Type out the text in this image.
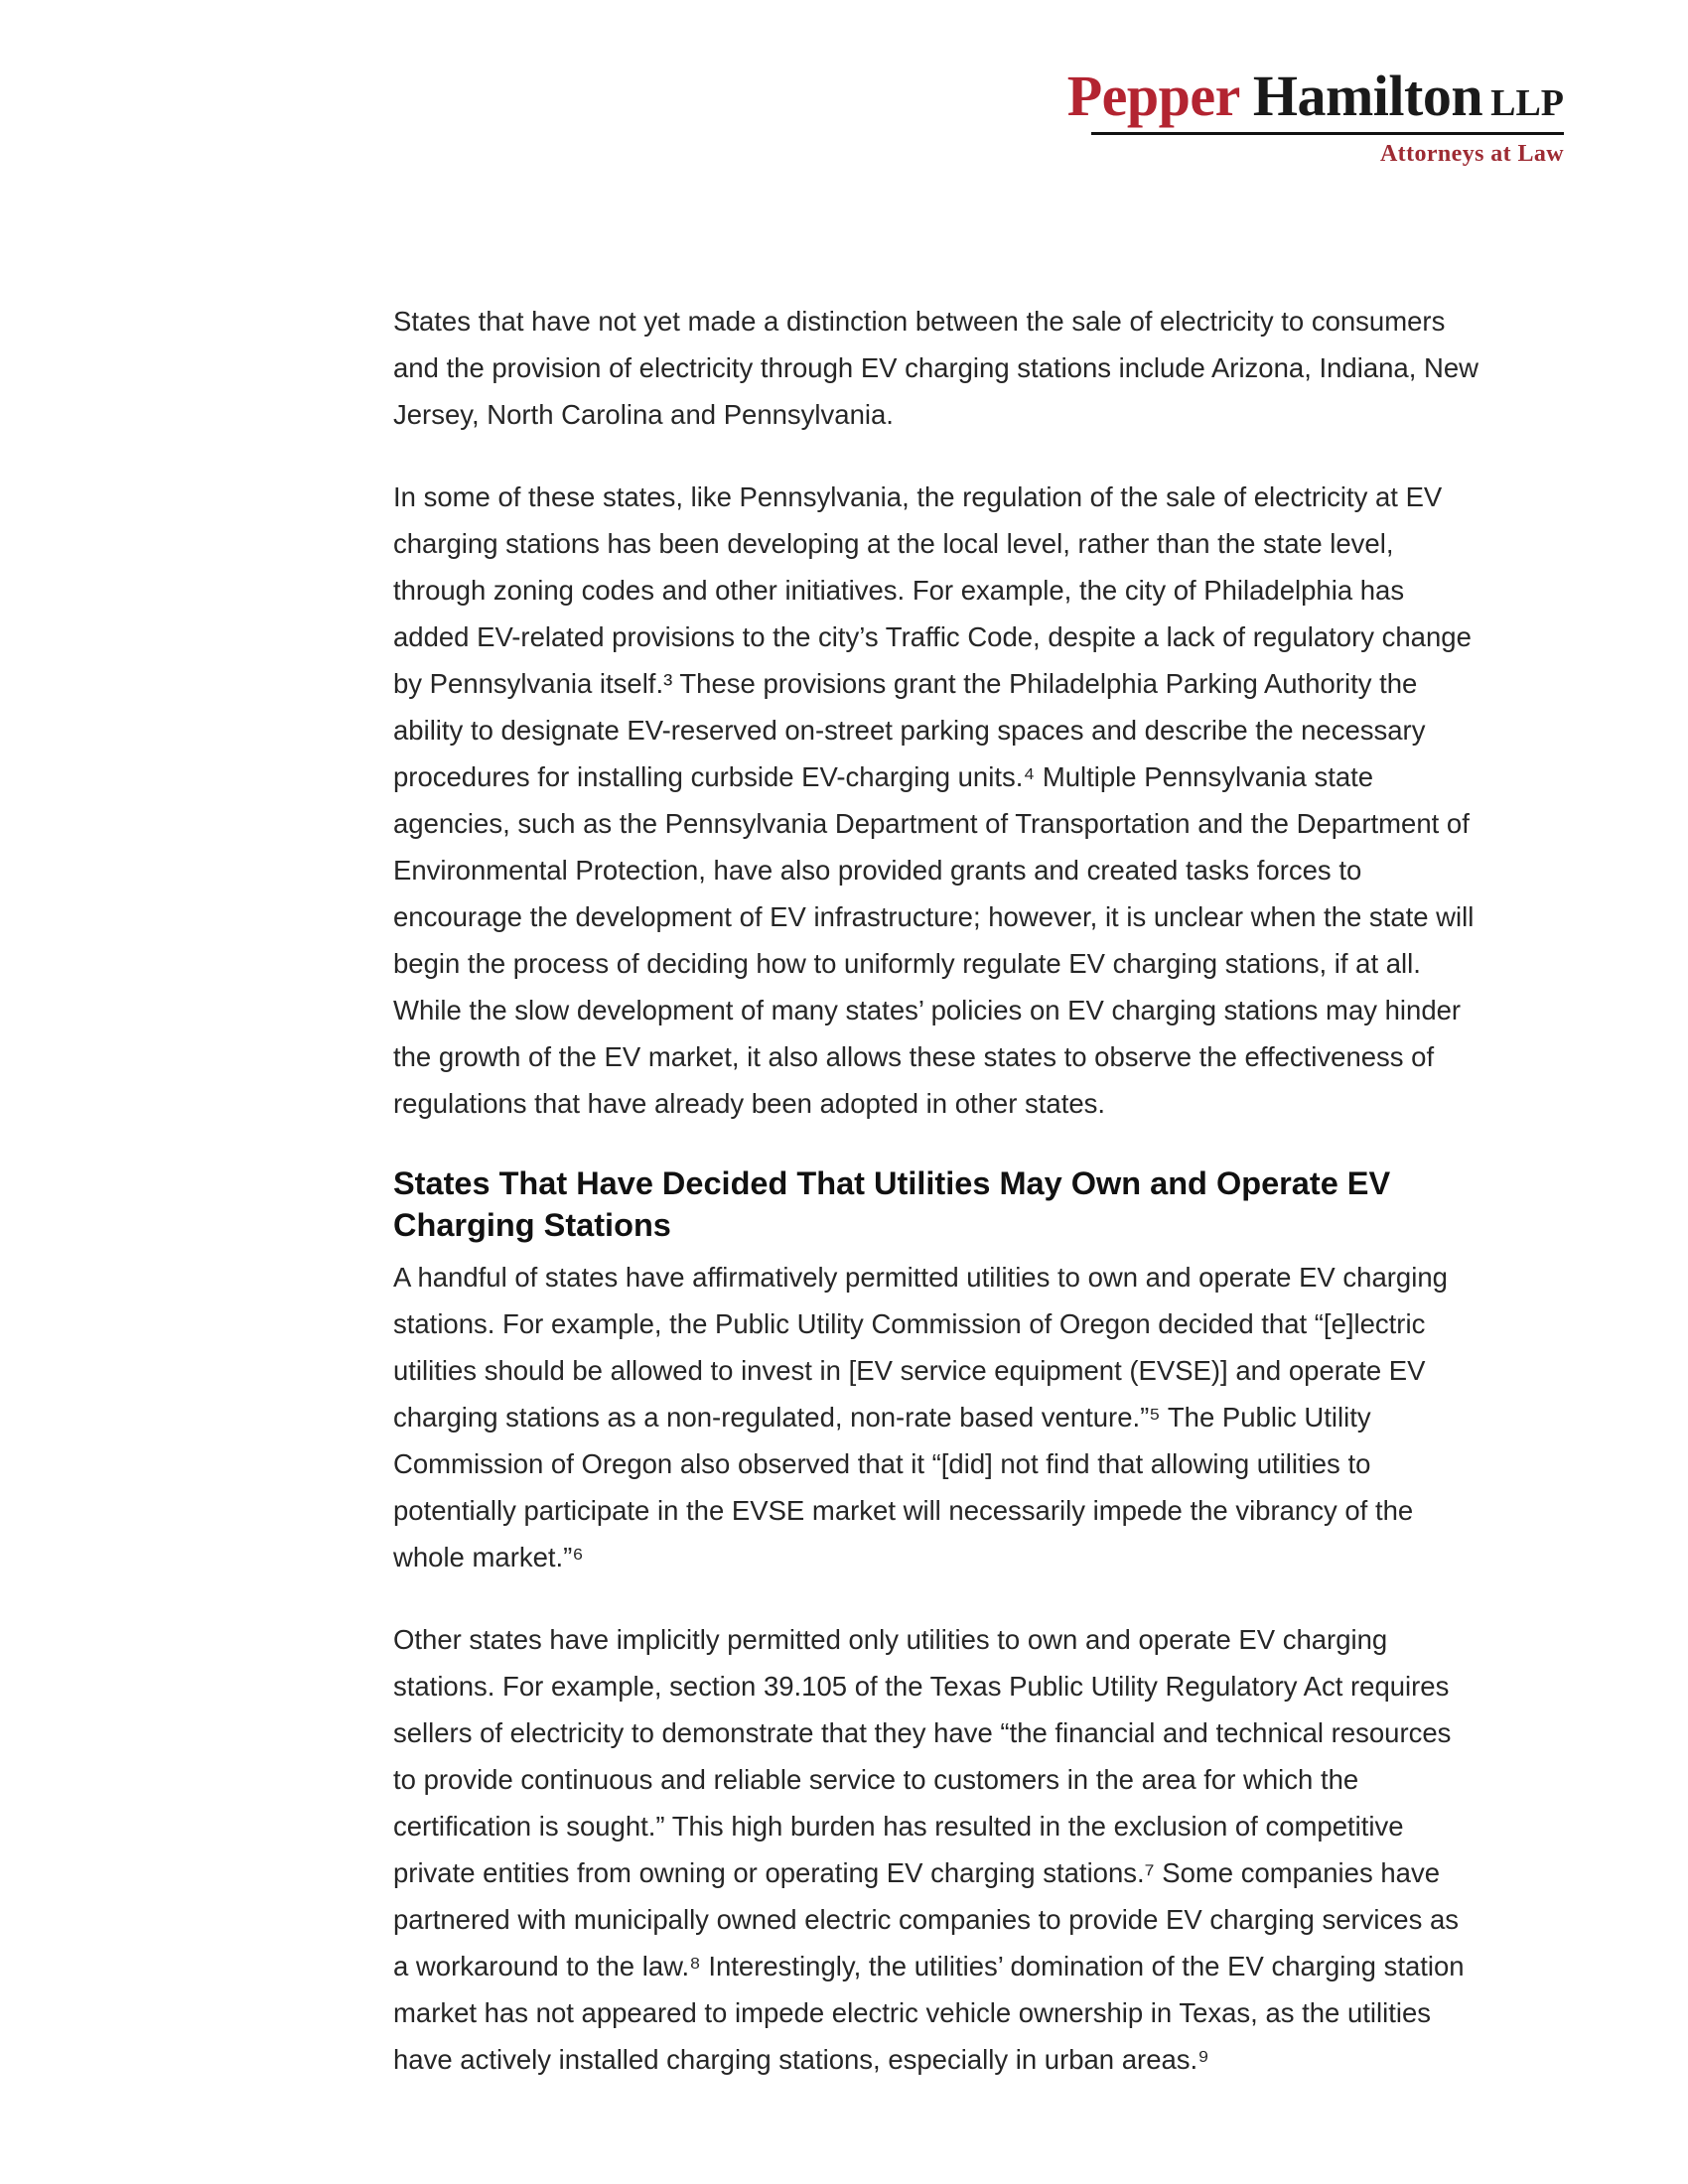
Pepper Hamilton LLP
Attorneys at Law

States that have not yet made a distinction between the sale of electricity to consumers and the provision of electricity through EV charging stations include Arizona, Indiana, New Jersey, North Carolina and Pennsylvania.

In some of these states, like Pennsylvania, the regulation of the sale of electricity at EV charging stations has been developing at the local level, rather than the state level, through zoning codes and other initiatives. For example, the city of Philadelphia has added EV-related provisions to the city’s Traffic Code, despite a lack of regulatory change by Pennsylvania itself.³ These provisions grant the Philadelphia Parking Authority the ability to designate EV-reserved on-street parking spaces and describe the necessary procedures for installing curbside EV-charging units.⁴ Multiple Pennsylvania state agencies, such as the Pennsylvania Department of Transportation and the Department of Environmental Protection, have also provided grants and created tasks forces to encourage the development of EV infrastructure; however, it is unclear when the state will begin the process of deciding how to uniformly regulate EV charging stations, if at all. While the slow development of many states’ policies on EV charging stations may hinder the growth of the EV market, it also allows these states to observe the effectiveness of regulations that have already been adopted in other states.

States That Have Decided That Utilities May Own and Operate EV Charging Stations

A handful of states have affirmatively permitted utilities to own and operate EV charging stations. For example, the Public Utility Commission of Oregon decided that “[e]lectric utilities should be allowed to invest in [EV service equipment (EVSE)] and operate EV charging stations as a non-regulated, non-rate based venture.”⁵ The Public Utility Commission of Oregon also observed that it “[did] not find that allowing utilities to potentially participate in the EVSE market will necessarily impede the vibrancy of the whole market.”⁶

Other states have implicitly permitted only utilities to own and operate EV charging stations. For example, section 39.105 of the Texas Public Utility Regulatory Act requires sellers of electricity to demonstrate that they have “the financial and technical resources to provide continuous and reliable service to customers in the area for which the certification is sought.” This high burden has resulted in the exclusion of competitive private entities from owning or operating EV charging stations.⁷ Some companies have partnered with municipally owned electric companies to provide EV charging services as a workaround to the law.⁸ Interestingly, the utilities’ domination of the EV charging station market has not appeared to impede electric vehicle ownership in Texas, as the utilities have actively installed charging stations, especially in urban areas.⁹
